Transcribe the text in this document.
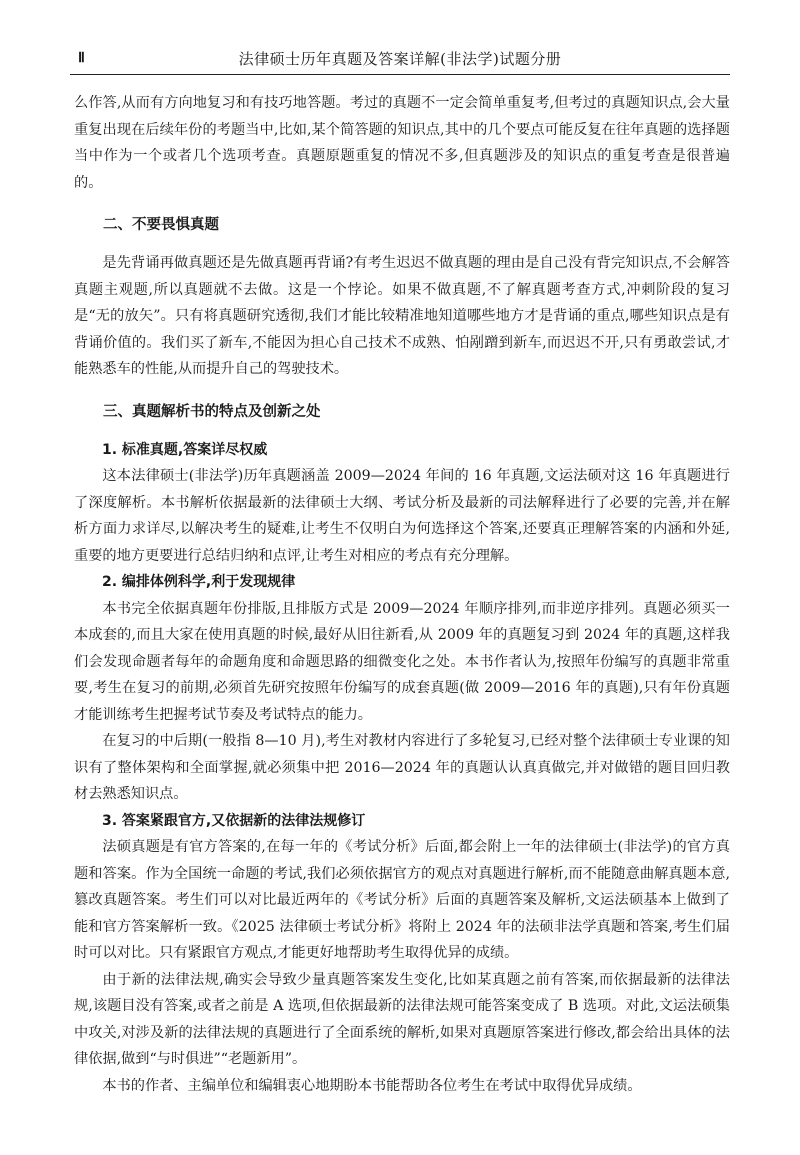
Ⅱ	法律硕士历年真题及答案详解(非法学)试题分册

么作答,从而有方向地复习和有技巧地答题。考过的真题不一定会简单重复考,但考过的真题知识点,会大量重复出现在后续年份的考题当中,比如,某个简答题的知识点,其中的几个要点可能反复在往年真题的选择题当中作为一个或者几个选项考查。真题原题重复的情况不多,但真题涉及的知识点的重复考查是很普遍的。

二、不要畏惧真题

是先背诵再做真题还是先做真题再背诵?有考生迟迟不做真题的理由是自己没有背完知识点,不会解答真题主观题,所以真题就不去做。这是一个悖论。如果不做真题,不了解真题考查方式,冲刺阶段的复习是“无的放矢”。只有将真题研究透彻,我们才能比较精准地知道哪些地方才是背诵的重点,哪些知识点是有背诵价值的。我们买了新车,不能因为担心自己技术不成熟、怕剐蹭到新车,而迟迟不开,只有勇敢尝试,才能熟悉车的性能,从而提升自己的驾驶技术。

三、真题解析书的特点及创新之处
1. 标准真题,答案详尽权威

这本法律硕士(非法学)历年真题涵盖 2009—2024 年间的 16 年真题,文运法硕对这 16 年真题进行了深度解析。本书解析依据最新的法律硕士大纲、考试分析及最新的司法解释进行了必要的完善,并在解析方面力求详尽,以解决考生的疑难,让考生不仅明白为何选择这个答案,还要真正理解答案的内涵和外延,重要的地方更要进行总结归纳和点评,让考生对相应的考点有充分理解。

2. 编排体例科学,利于发现规律

本书完全依据真题年份排版,且排版方式是 2009—2024 年顺序排列,而非逆序排列。真题必须买一本成套的,而且大家在使用真题的时候,最好从旧往新看,从 2009 年的真题复习到 2024 年的真题,这样我们会发现命题者每年的命题角度和命题思路的细微变化之处。本书作者认为,按照年份编写的真题非常重要,考生在复习的前期,必须首先研究按照年份编写的成套真题(做 2009—2016 年的真题),只有年份真题才能训练考生把握考试节奏及考试特点的能力。

在复习的中后期(一般指 8—10 月),考生对教材内容进行了多轮复习,已经对整个法律硕士专业课的知识有了整体架构和全面掌握,就必须集中把 2016—2024 年的真题认认真真做完,并对做错的题目回归教材去熟悉知识点。

3. 答案紧跟官方,又依据新的法律法规修订

法硕真题是有官方答案的,在每一年的《考试分析》后面,都会附上一年的法律硕士(非法学)的官方真题和答案。作为全国统一命题的考试,我们必须依据官方的观点对真题进行解析,而不能随意曲解真题本意,篡改真题答案。考生们可以对比最近两年的《考试分析》后面的真题答案及解析,文运法硕基本上做到了能和官方答案解析一致。《2025 法律硕士考试分析》将附上 2024 年的法硕非法学真题和答案,考生们届时可以对比。只有紧跟官方观点,才能更好地帮助考生取得优异的成绩。

由于新的法律法规,确实会导致少量真题答案发生变化,比如某真题之前有答案,而依据最新的法律法规,该题目没有答案,或者之前是 A 选项,但依据最新的法律法规可能答案变成了 B 选项。对此,文运法硕集中攻关,对涉及新的法律法规的真题进行了全面系统的解析,如果对真题原答案进行修改,都会给出具体的法律依据,做到“与时俱进”“老题新用”。

本书的作者、主编单位和编辑衷心地期盼本书能帮助各位考生在考试中取得优异成绩。
